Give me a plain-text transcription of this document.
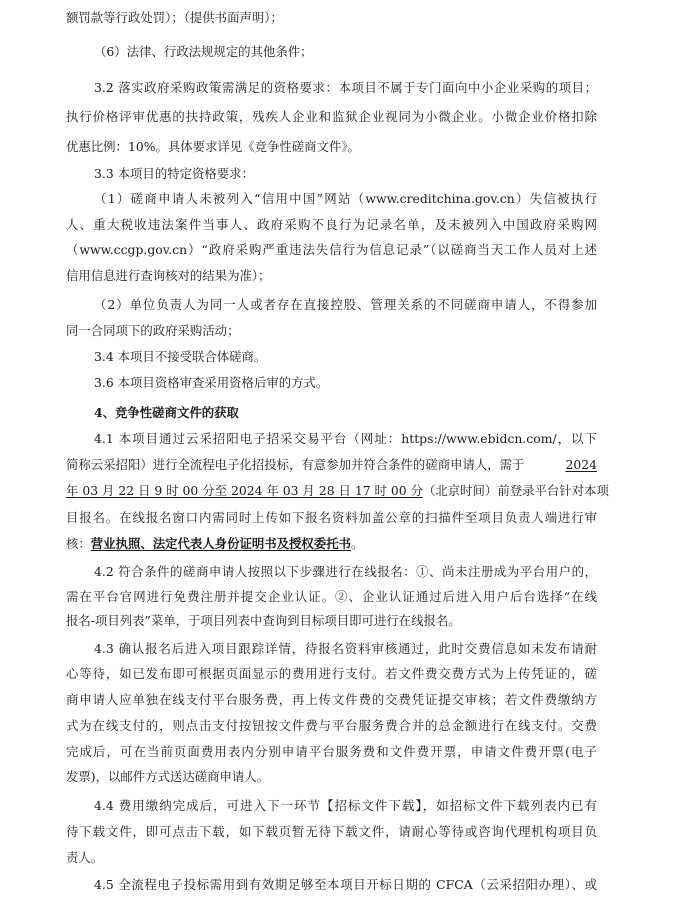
额罚款等行政处罚）；（提供书面声明）；
（6）法律、行政法规规定的其他条件；
3.2 落实政府采购政策需满足的资格要求：本项目不属于专门面向中小企业采购的项目；
执行价格评审优惠的扶持政策，残疾人企业和监狱企业视同为小微企业。小微企业价格扣除
优惠比例：10%。具体要求详见《竞争性磋商文件》。
3.3 本项目的特定资格要求：
（1）磋商申请人未被列入“信用中国”网站（www.creditchina.gov.cn）失信被执行
人、重大税收违法案件当事人、政府采购不良行为记录名单，及未被列入中国政府采购网
（www.ccgp.gov.cn）“政府采购严重违法失信行为信息记录”（以磋商当天工作人员对上述
信用信息进行查询核对的结果为准）；
（2）单位负责人为同一人或者存在直接控股、管理关系的不同磋商申请人，不得参加
同一合同项下的政府采购活动；
3.4 本项目不接受联合体磋商。
3.6 本项目资格审查采用资格后审的方式。
4、竞争性磋商文件的获取
4.1 本项目通过云采招阳电子招采交易平台（网址：https://www.ebidcn.com/，以下
简称云采招阳）进行全流程电子化招投标，有意参加并符合条件的磋商申请人，需于	2024
年 03 月 22 日 9 时 00 分至 2024 年 03 月 28 日 17 时 00 分（北京时间）前登录平台针对本项
目报名。在线报名窗口内需同时上传如下报名资料加盖公章的扫描件至项目负责人端进行审
核：营业执照、法定代表人身份证明书及授权委托书。
4.2 符合条件的磋商申请人按照以下步骤进行在线报名：①、尚未注册成为平台用户的，
需在平台官网进行免费注册并提交企业认证。②、企业认证通过后进入用户后台选择“在线
报名-项目列表”菜单，于项目列表中查询到目标项目即可进行在线报名。
4.3 确认报名后进入项目跟踪详情，待报名资料审核通过，此时交费信息如未发布请耐
心等待，如已发布即可根据页面显示的费用进行支付。若文件费交费方式为上传凭证的，磋
商申请人应单独在线支付平台服务费，再上传文件费的交费凭证提交审核；若文件费缴纳方
式为在线支付的，则点击支付按钮按文件费与平台服务费合并的总金额进行在线支付。交费
完成后，可在当前页面费用表内分别申请平台服务费和文件费开票，申请文件费开票(电子
发票)，以邮件方式送达磋商申请人。
4.4 费用缴纳完成后，可进入下一环节【招标文件下载】，如招标文件下载列表内已有
待下载文件，即可点击下载，如下载页暂无待下载文件，请耐心等待或咨询代理机构项目负
责人。
4.5 全流程电子投标需用到有效期足够至本项目开标日期的 CFCA（云采招阳办理）、或
